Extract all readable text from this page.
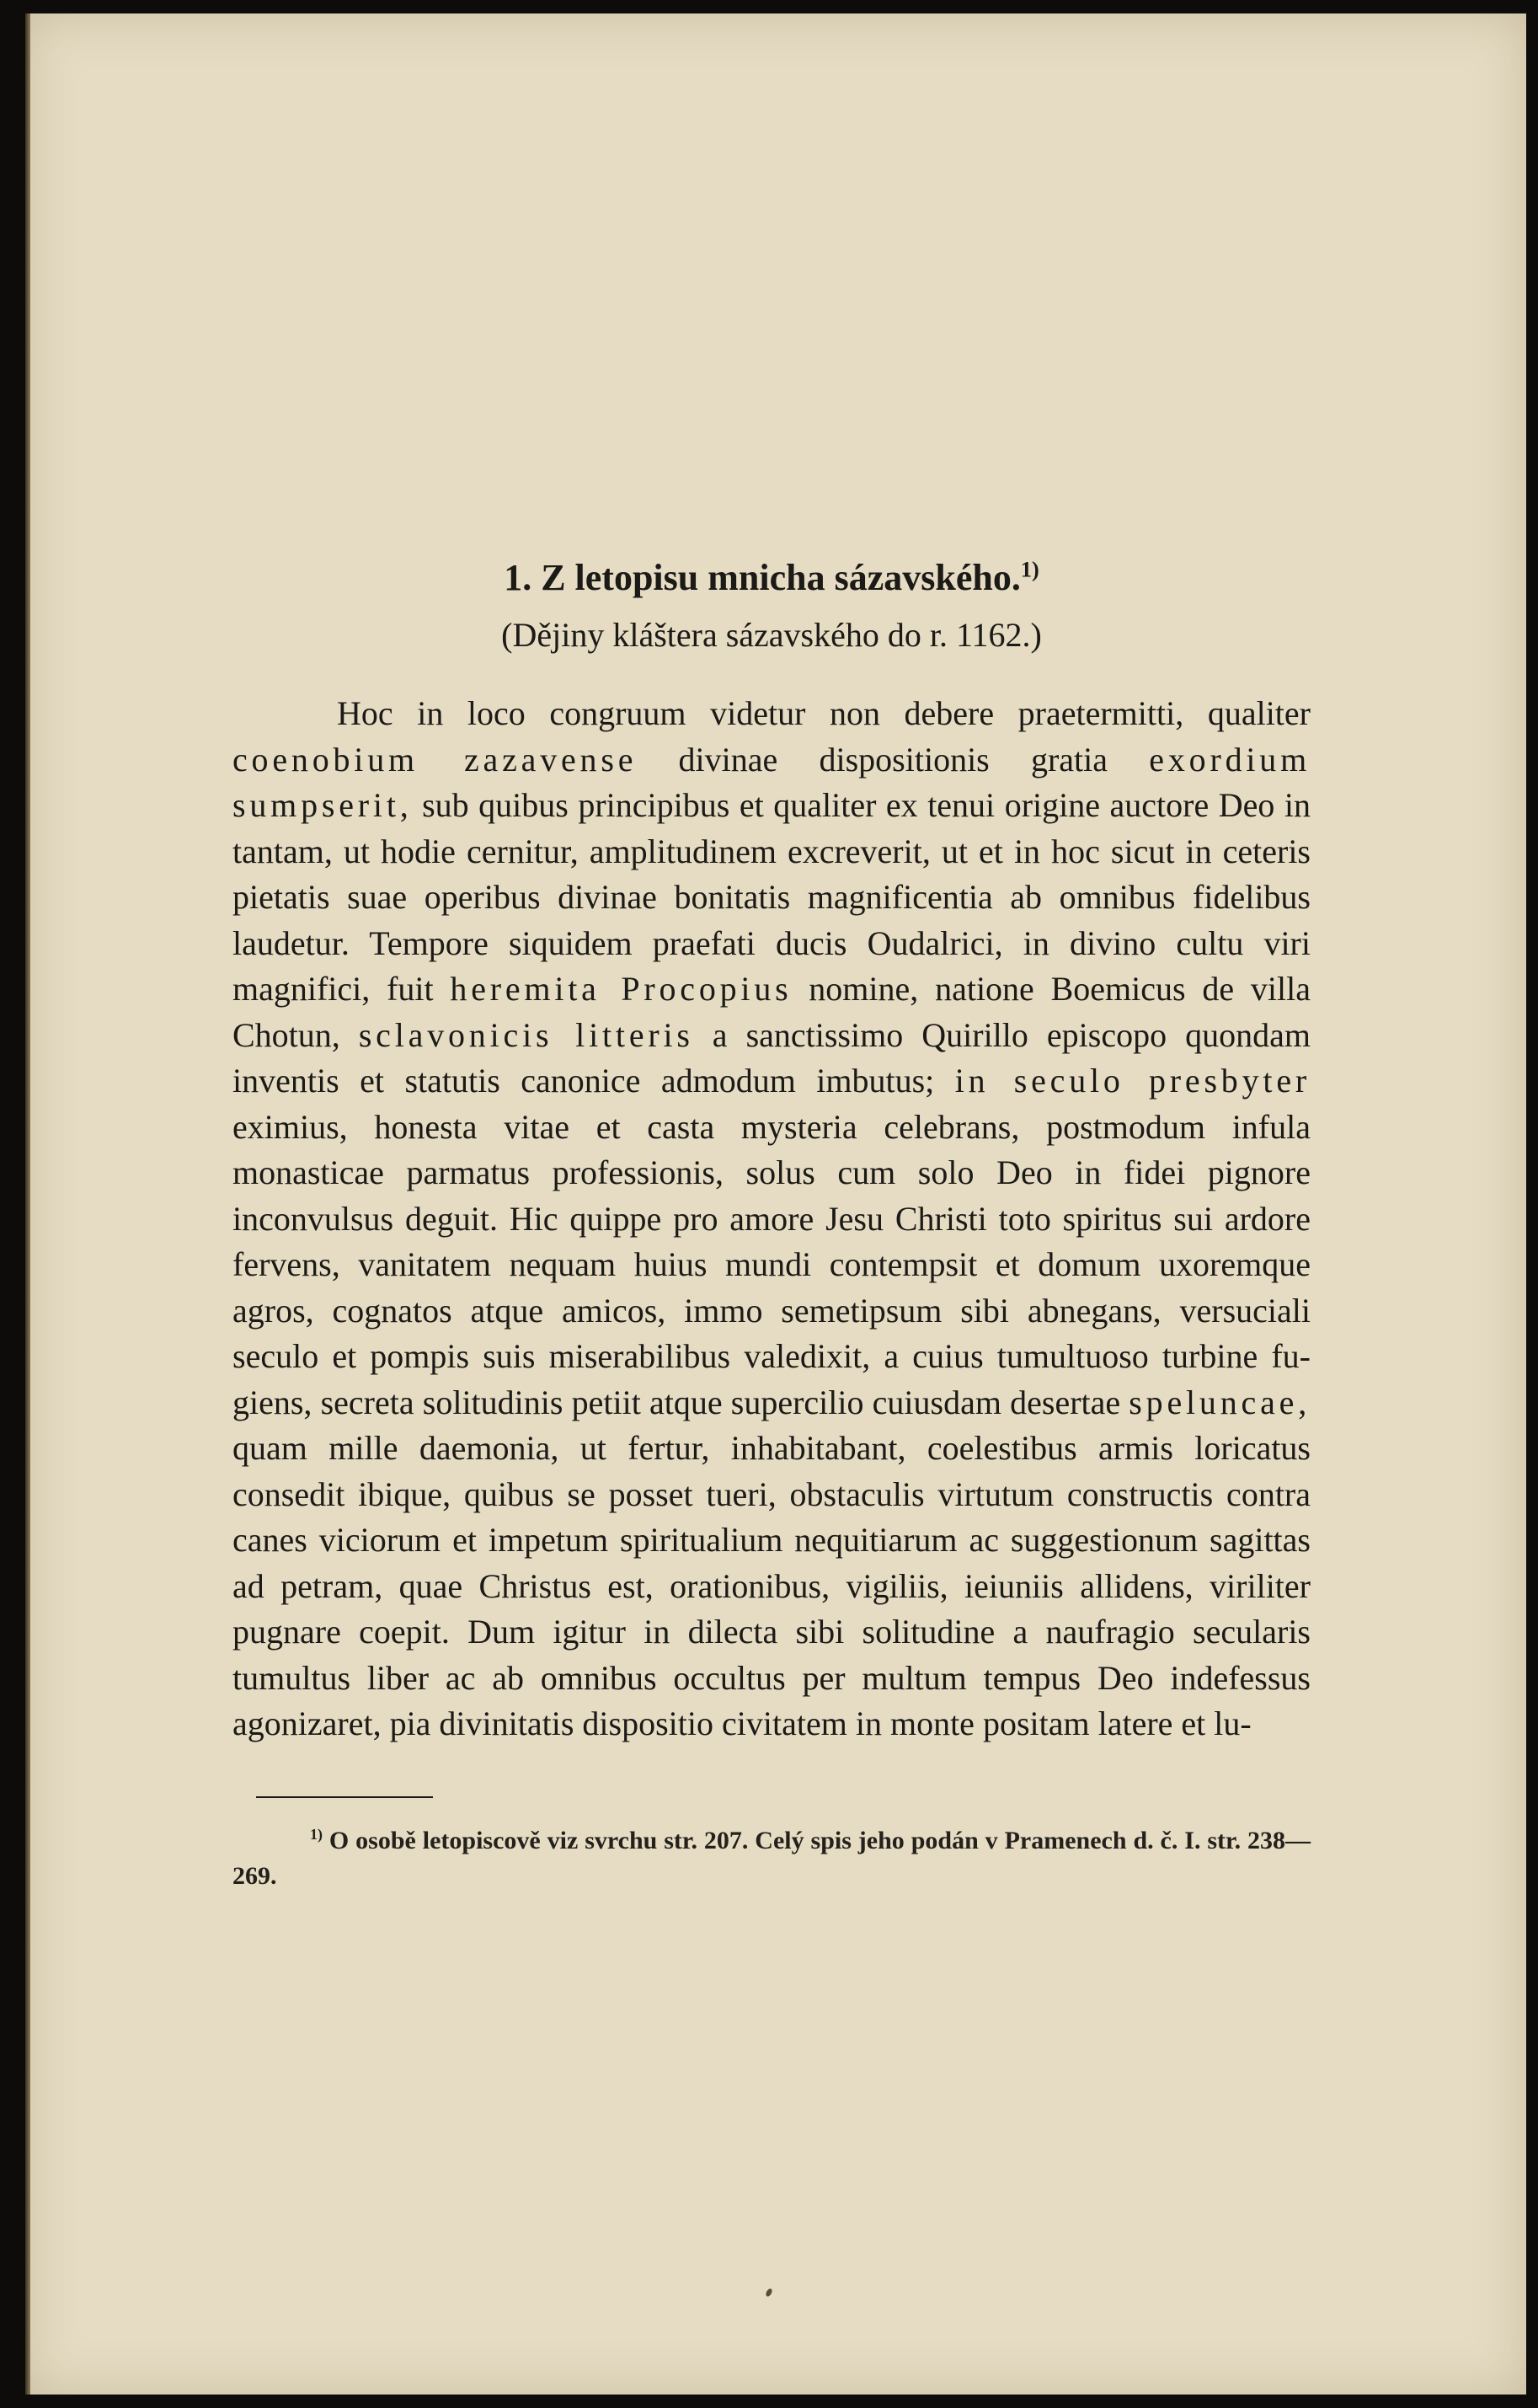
1. Z letopisu mnicha sázavského.$^{1)}$

(Dějiny kláštera sázavského do r. 1162.)

Hoc in loco congruum videtur non debere praetermitti, qualiter coenobium zazavense divinae dispositionis gratia exordium sumpserit, sub quibus principibus et qualiter ex tenui origine auctore Deo in tantam, ut hodie cernitur, amplitudinem excreverit, ut et in hoc sicut in ceteris pietatis suae operibus divinae bonitatis magnificentia ab omnibus fidelibus laudetur. Tempore siquidem praefati ducis Oudalrici, in divino cultu viri magnifici, fuit heremita Procopius nomine, natione Boemicus de villa Chotun, sclavonicis litteris a sanctissimo Quirillo episcopo quondam inventis et statutis canonice admodum imbutus; in seculo presbyter eximius, honesta vitae et casta mysteria celebrans, postmodum infula monasticae parmatus professionis, solus cum solo Deo in fidei pignore inconvulsus deguit. Hic quippe pro amore Jesu Christi toto spiritus sui ardore fervens, vanitatem nequam huius mundi contempsit et domum uxoremque agros, cognatos atque amicos, immo semetipsum sibi abnegans, versuciali seculo et pompis suis miserabilibus valedixit, a cuius tumultuoso turbine fugiens, secreta solitudinis petiit atque supercilio cuiusdam desertae speluncae, quam mille daemonia, ut fertur, inhabitabant, coelestibus armis loricatus consedit ibique, quibus se posset tueri, obstaculis virtutum constructis contra canes viciorum et impetum spiritualium nequitiarum ac suggestionum sagittas ad petram, quae Christus est, orationibus, vigiliis, ieiuniis allidens, viriliter pugnare coepit. Dum igitur in dilecta sibi solitudine a naufragio secularis tumultus liber ac ab omnibus occultus per multum tempus Deo indefessus agonizaret, pia divinitatis dispositio civitatem in monte positam latere et lu-

$^{1)}$ O osobě letopiscově viz svrchu str. 207. Celý spis jeho podán v Pramenech d. č. I. str. 238—269.
